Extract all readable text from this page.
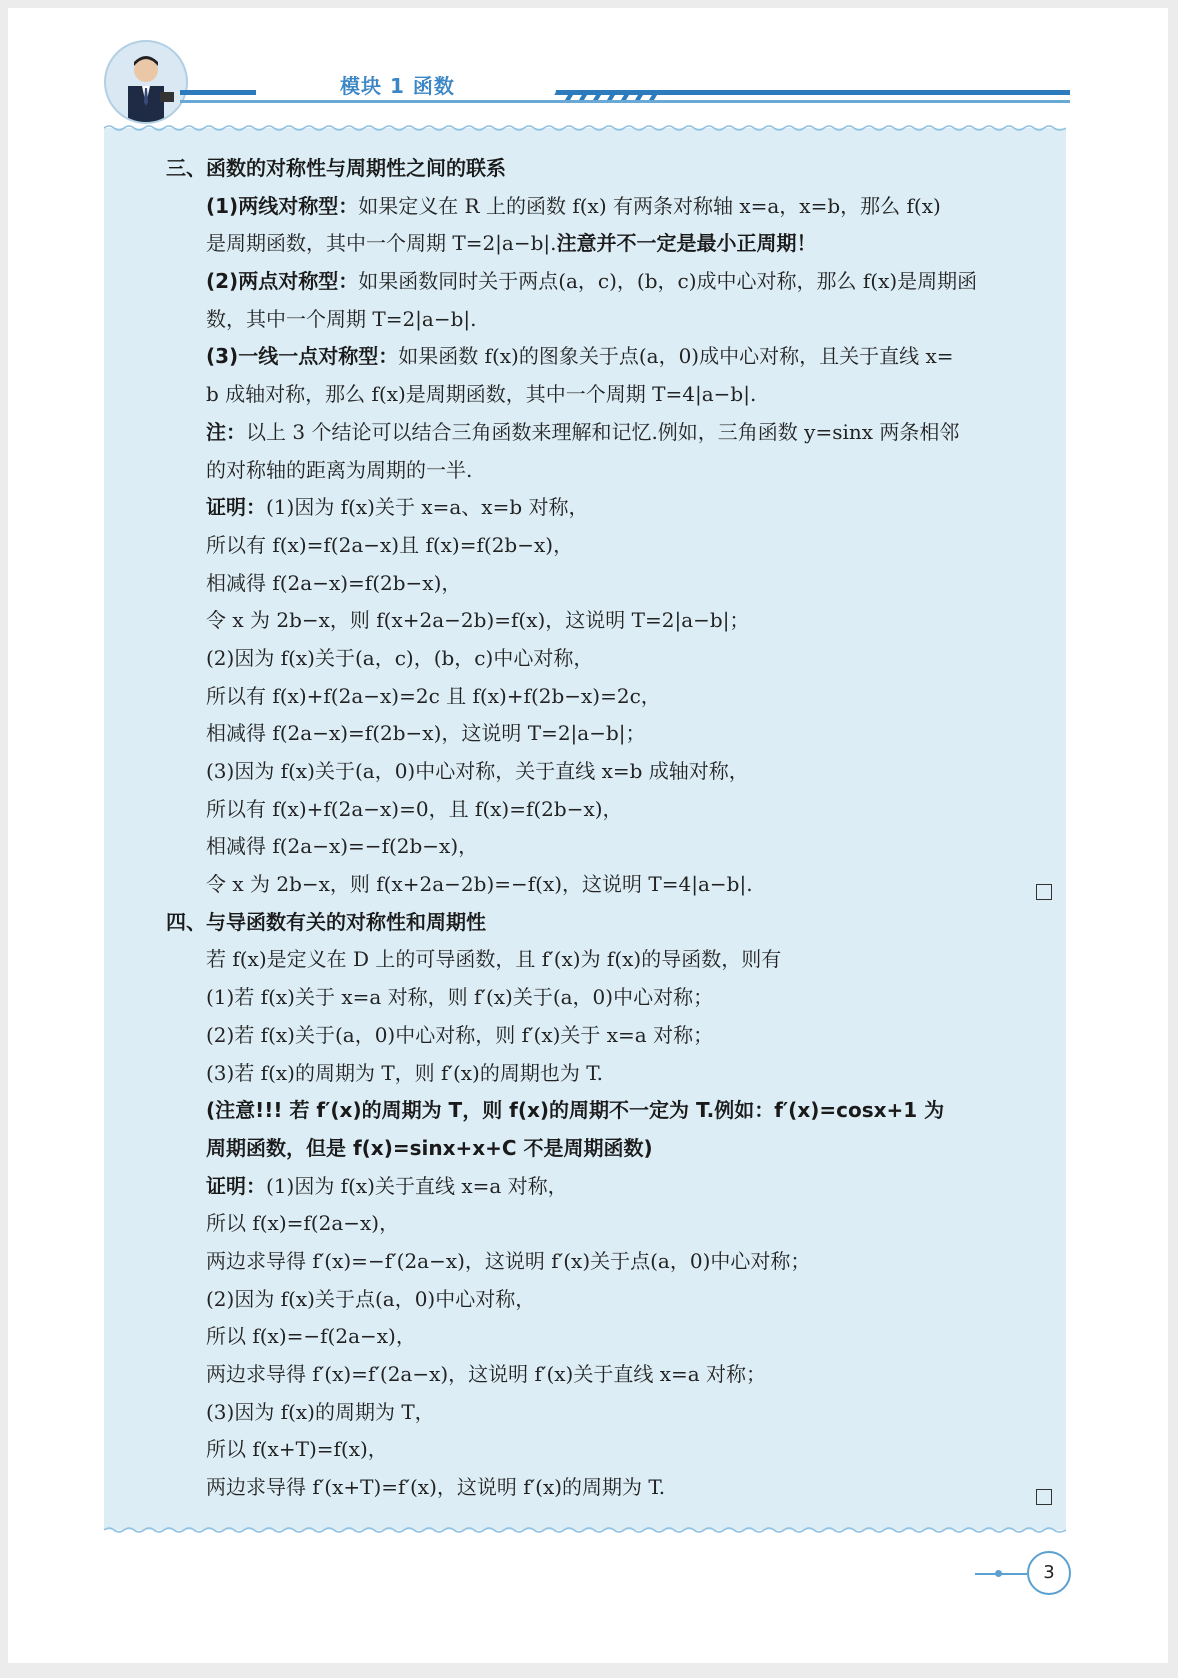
模块 1 函数
三、函数的对称性与周期性之间的联系
(1)两线对称型：如果定义在 R 上的函数 f(x) 有两条对称轴 x=a，x=b，那么 f(x)
是周期函数，其中一个周期 T=2|a−b|.注意并不一定是最小正周期！
(2)两点对称型：如果函数同时关于两点(a，c)，(b，c)成中心对称，那么 f(x)是周期函
数，其中一个周期 T=2|a−b|.
(3)一线一点对称型：如果函数 f(x)的图象关于点(a，0)成中心对称，且关于直线 x=
b 成轴对称，那么 f(x)是周期函数，其中一个周期 T=4|a−b|.
注：以上 3 个结论可以结合三角函数来理解和记忆.例如，三角函数 y=sinx 两条相邻
的对称轴的距离为周期的一半.
证明：(1)因为 f(x)关于 x=a、x=b 对称，
所以有 f(x)=f(2a−x)且 f(x)=f(2b−x)，
相减得 f(2a−x)=f(2b−x)，
令 x 为 2b−x，则 f(x+2a−2b)=f(x)，这说明 T=2|a−b|；
(2)因为 f(x)关于(a，c)，(b，c)中心对称，
所以有 f(x)+f(2a−x)=2c 且 f(x)+f(2b−x)=2c，
相减得 f(2a−x)=f(2b−x)，这说明 T=2|a−b|；
(3)因为 f(x)关于(a，0)中心对称，关于直线 x=b 成轴对称，
所以有 f(x)+f(2a−x)=0，且 f(x)=f(2b−x)，
相减得 f(2a−x)=−f(2b−x)，
令 x 为 2b−x，则 f(x+2a−2b)=−f(x)，这说明 T=4|a−b|.
四、与导函数有关的对称性和周期性
若 f(x)是定义在 D 上的可导函数，且 f′(x)为 f(x)的导函数，则有
(1)若 f(x)关于 x=a 对称，则 f′(x)关于(a，0)中心对称；
(2)若 f(x)关于(a，0)中心对称，则 f′(x)关于 x=a 对称；
(3)若 f(x)的周期为 T，则 f′(x)的周期也为 T.
(注意!!! 若 f′(x)的周期为 T，则 f(x)的周期不一定为 T.例如：f′(x)=cosx+1 为
周期函数，但是 f(x)=sinx+x+C 不是周期函数)
证明：(1)因为 f(x)关于直线 x=a 对称，
所以 f(x)=f(2a−x)，
两边求导得 f′(x)=−f′(2a−x)，这说明 f′(x)关于点(a，0)中心对称；
(2)因为 f(x)关于点(a，0)中心对称，
所以 f(x)=−f(2a−x)，
两边求导得 f′(x)=f′(2a−x)，这说明 f′(x)关于直线 x=a 对称；
(3)因为 f(x)的周期为 T，
所以 f(x+T)=f(x)，
两边求导得 f′(x+T)=f′(x)，这说明 f′(x)的周期为 T.
3
